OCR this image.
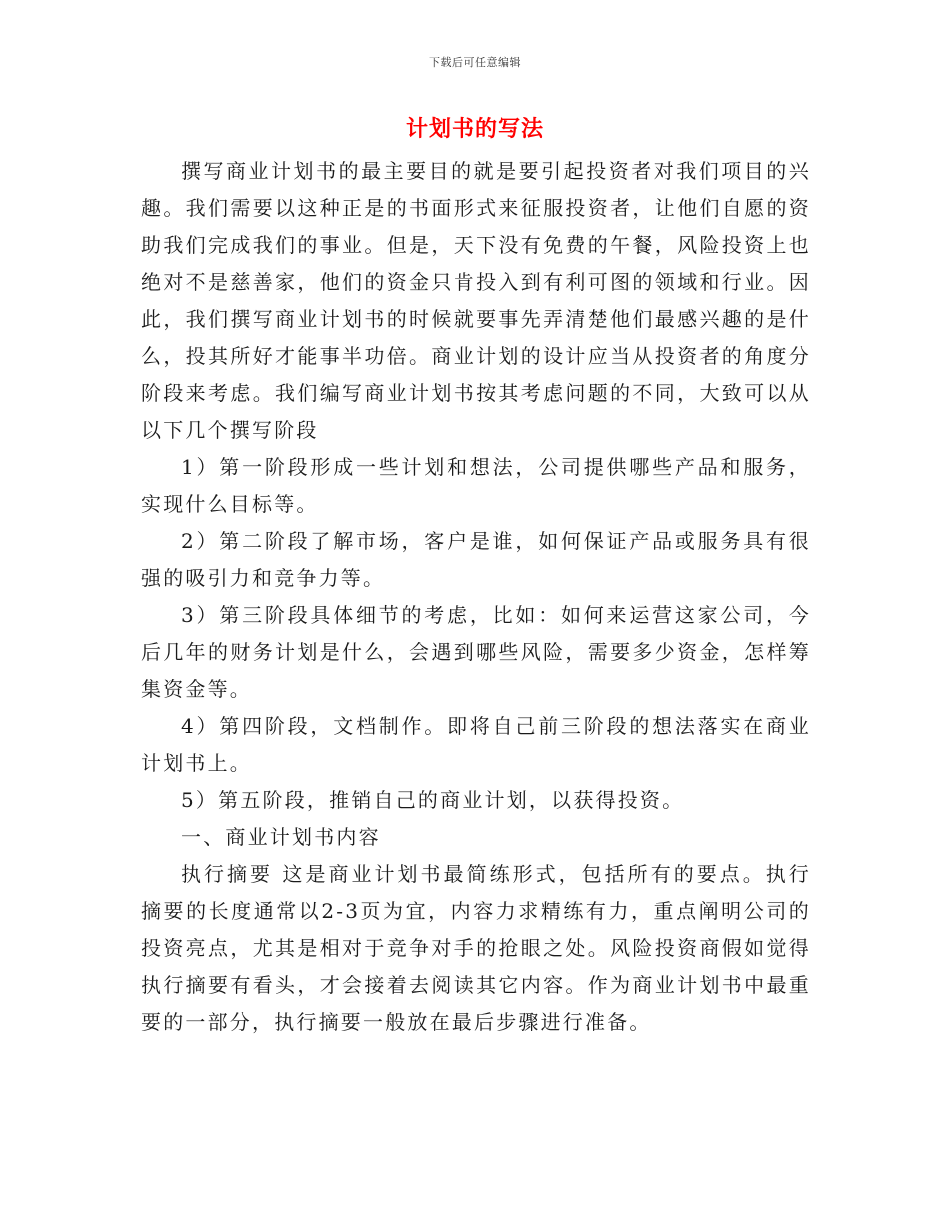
下载后可任意编辑
计划书的写法

撰写商业计划书的最主要目的就是要引起投资者对我们项目的兴趣。我们需要以这种正是的书面形式来征服投资者，让他们自愿的资助我们完成我们的事业。但是，天下没有免费的午餐，风险投资上也绝对不是慈善家，他们的资金只肯投入到有利可图的领域和行业。因此，我们撰写商业计划书的时候就要事先弄清楚他们最感兴趣的是什么，投其所好才能事半功倍。商业计划的设计应当从投资者的角度分阶段来考虑。我们编写商业计划书按其考虑问题的不同，大致可以从以下几个撰写阶段

1）第一阶段形成一些计划和想法，公司提供哪些产品和服务，实现什么目标等。

2）第二阶段了解市场，客户是谁，如何保证产品或服务具有很强的吸引力和竞争力等。

3）第三阶段具体细节的考虑，比如：如何来运营这家公司，今后几年的财务计划是什么，会遇到哪些风险，需要多少资金，怎样筹集资金等。

4）第四阶段，文档制作。即将自己前三阶段的想法落实在商业计划书上。

5）第五阶段，推销自己的商业计划，以获得投资。

一、商业计划书内容

执行摘要 这是商业计划书最简练形式，包括所有的要点。执行摘要的长度通常以2-3页为宜，内容力求精练有力，重点阐明公司的投资亮点，尤其是相对于竞争对手的抢眼之处。风险投资商假如觉得执行摘要有看头，才会接着去阅读其它内容。作为商业计划书中最重要的一部分，执行摘要一般放在最后步骤进行准备。
